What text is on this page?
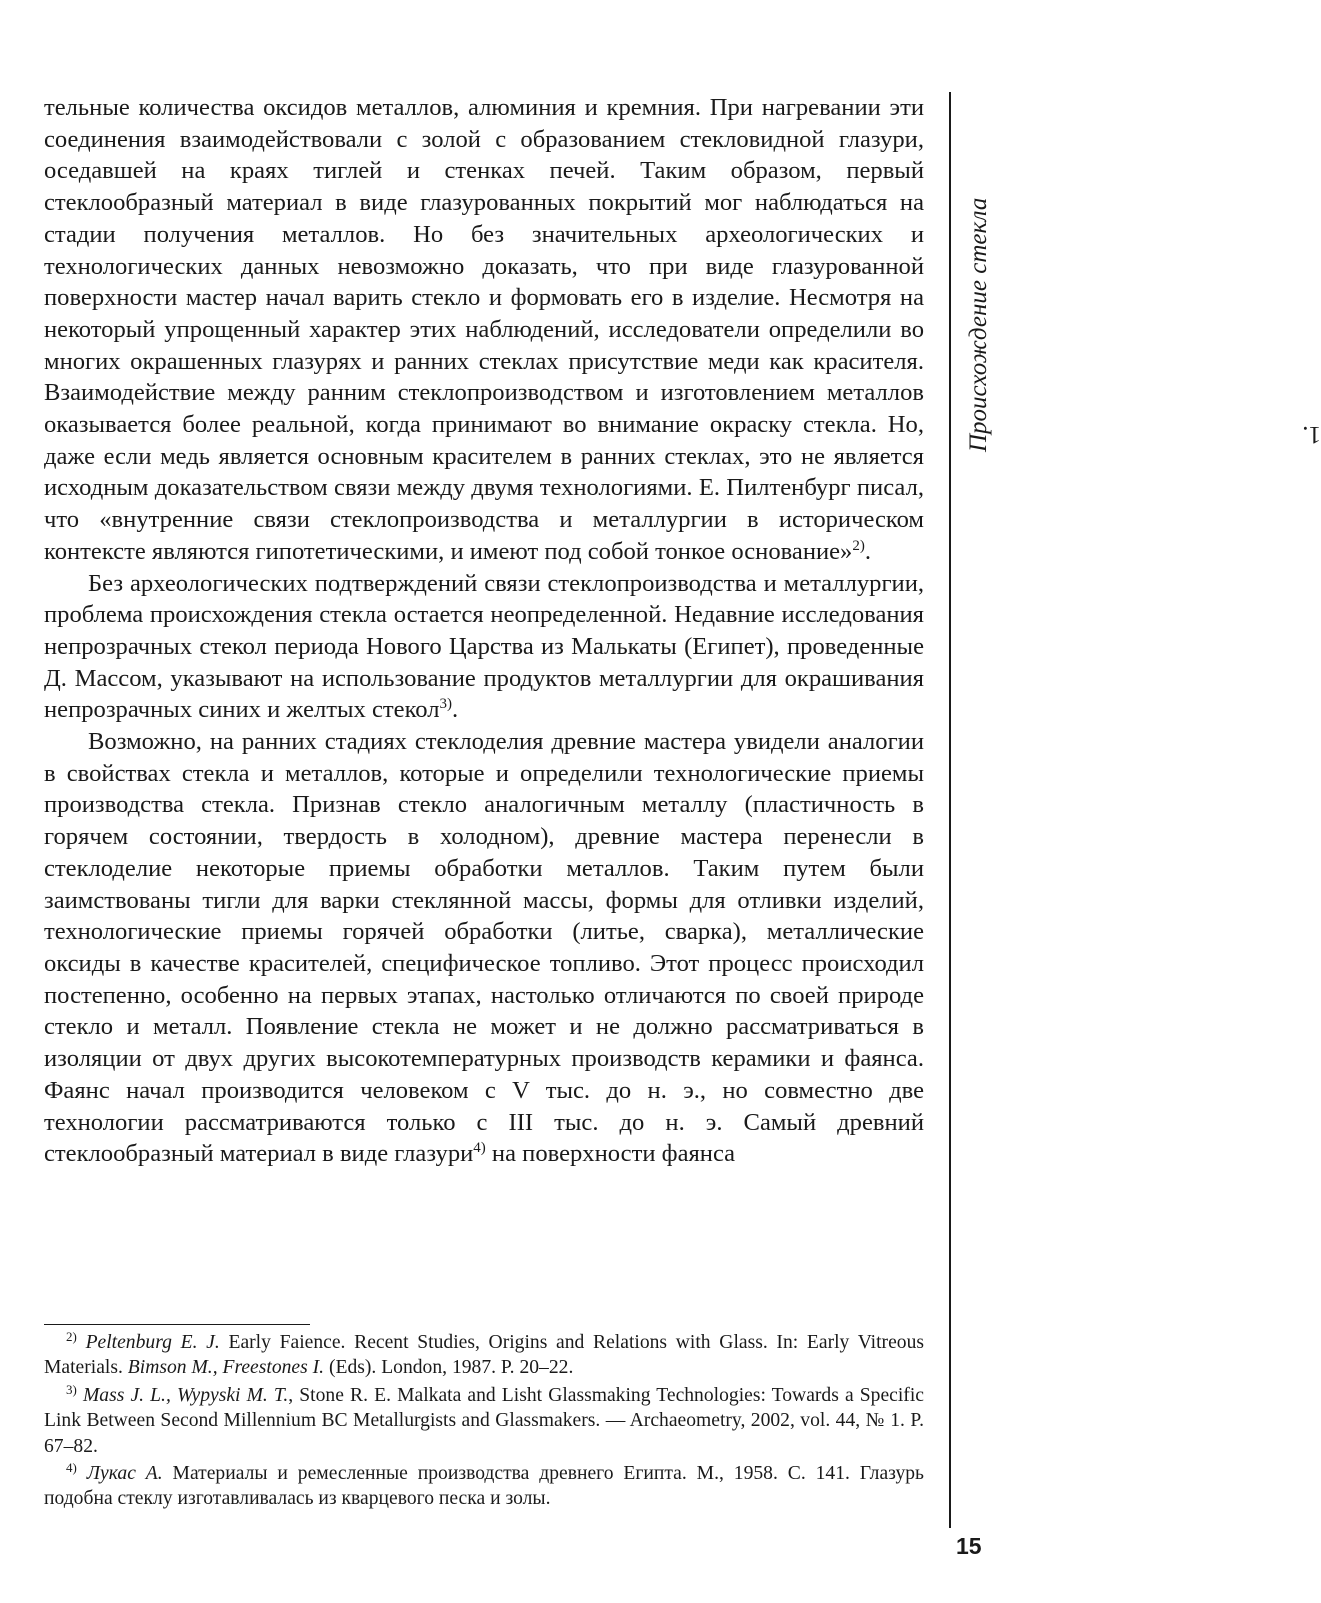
тельные количества оксидов металлов, алюминия и кремния. При нагревании эти соединения взаимодействовали с золой с образованием стекловидной глазури, оседавшей на краях тиглей и стенках печей. Таким образом, первый стеклообразный материал в виде глазурованных покрытий мог наблюдаться на стадии получения металлов. Но без значительных археологических и технологических данных невозможно доказать, что при виде глазурованной поверхности мастер начал варить стекло и формовать его в изделие. Несмотря на некоторый упрощенный характер этих наблюдений, исследователи определили во многих окрашенных глазурях и ранних стеклах присутствие меди как красителя. Взаимодействие между ранним стеклопроизводством и изготовлением металлов оказывается более реальной, когда принимают во внимание окраску стекла. Но, даже если медь является основным красителем в ранних стеклах, это не является исходным доказательством связи между двумя технологиями. Е. Пилтенбург писал, что «внутренние связи стеклопроизводства и металлургии в историческом контексте являются гипотетическими, и имеют под собой тонкое основание»$^{2)}$.

Без археологических подтверждений связи стеклопроизводства и металлургии, проблема происхождения стекла остается неопределенной. Недавние исследования непрозрачных стекол периода Нового Царства из Малькаты (Египет), проведенные Д. Массом, указывают на использование продуктов металлургии для окрашивания непрозрачных синих и желтых стекол$^{3)}$.

Возможно, на ранних стадиях стеклоделия древние мастера увидели аналогии в свойствах стекла и металлов, которые и определили технологические приемы производства стекла. Признав стекло аналогичным металлу (пластичность в горячем состоянии, твердость в холодном), древние мастера перенесли в стеклоделие некоторые приемы обработки металлов. Таким путем были заимствованы тигли для варки стеклянной массы, формы для отливки изделий, технологические приемы горячей обработки (литье, сварка), металлические оксиды в качестве красителей, специфическое топливо. Этот процесс происходил постепенно, особенно на первых этапах, настолько отличаются по своей природе стекло и металл. Появление стекла не может и не должно рассматриваться в изоляции от двух других высокотемпературных производств керамики и фаянса. Фаянс начал производится человеком с V тыс. до н. э., но совместно две технологии рассматриваются только с III тыс. до н. э. Самый древний стеклообразный материал в виде глазури$^{4)}$ на поверхности фаянса

$^{2)}$ Peltenburg E. J. Early Faience. Recent Studies, Origins and Relations with Glass. In: Early Vitreous Materials. Bimson M., Freestones I. (Eds). London, 1987. P. 20–22.

$^{3)}$ Mass J. L., Wypyski M. T., Stone R. E. Malkata and Lisht Glassmaking Technologies: Towards a Specific Link Between Second Millennium BC Metallurgists and Glassmakers. — Archaeometry, 2002, vol. 44, № 1. P. 67–82.

$^{4)}$ Лукас А. Материалы и ремесленные производства древнего Египта. М., 1958. С. 141. Глазурь подобна стеклу изготавливалась из кварцевого песка и золы.

1.
Происхождение стекла
15
